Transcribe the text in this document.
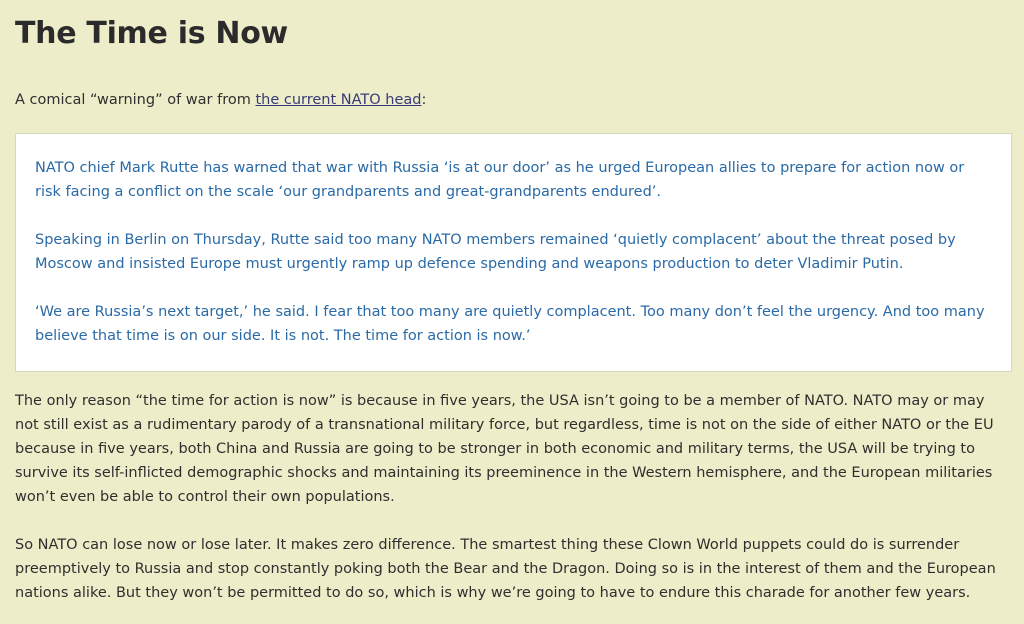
The Time is Now

A comical “warning” of war from the current NATO head:

NATO chief Mark Rutte has warned that war with Russia ‘is at our door’ as he urged European allies to prepare for action now or risk facing a conflict on the scale ‘our grandparents and great-grandparents endured’.

Speaking in Berlin on Thursday, Rutte said too many NATO members remained ‘quietly complacent’ about the threat posed by Moscow and insisted Europe must urgently ramp up defence spending and weapons production to deter Vladimir Putin.

‘We are Russia’s next target,’ he said. I fear that too many are quietly complacent. Too many don’t feel the urgency. And too many believe that time is on our side. It is not. The time for action is now.’

The only reason “the time for action is now” is because in five years, the USA isn’t going to be a member of NATO. NATO may or may not still exist as a rudimentary parody of a transnational military force, but regardless, time is not on the side of either NATO or the EU because in five years, both China and Russia are going to be stronger in both economic and military terms, the USA will be trying to survive its self-inflicted demographic shocks and maintaining its preeminence in the Western hemisphere, and the European militaries won’t even be able to control their own populations.

So NATO can lose now or lose later. It makes zero difference. The smartest thing these Clown World puppets could do is surrender preemptively to Russia and stop constantly poking both the Bear and the Dragon. Doing so is in the interest of them and the European nations alike. But they won’t be permitted to do so, which is why we’re going to have to endure this charade for another few years.
